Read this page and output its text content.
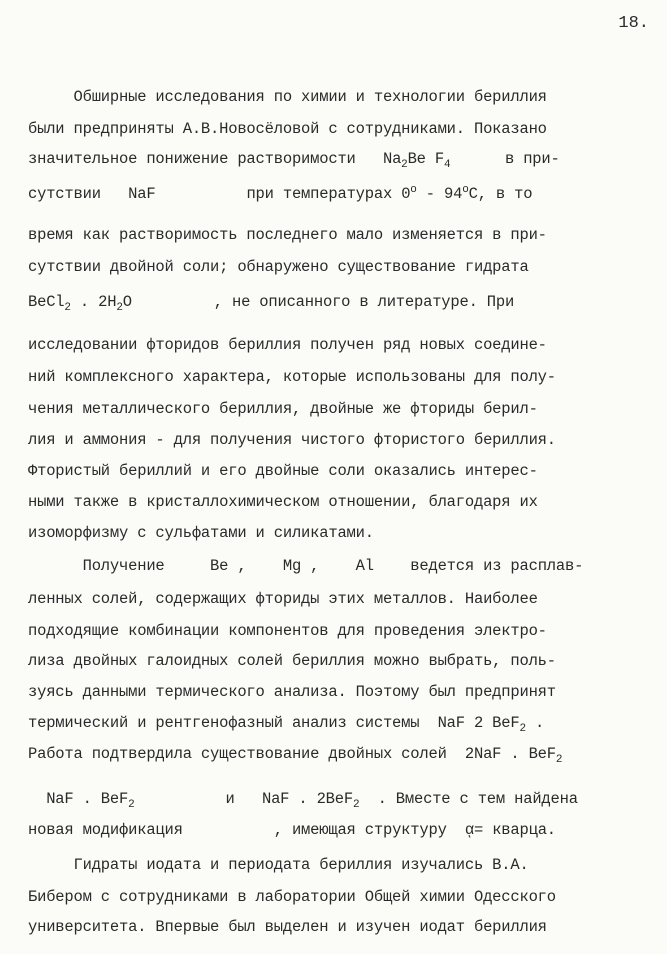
18.
Обширные исследования по химии и технологии бериллия
были предприняты А.В.Новосёловой с сотрудниками. Показано
значительное понижение растворимости $Na_2Be$ $F_4$	в при-
сутствии NaF	при температурах 0$^o$ - 94$^o$C, в то
время как растворимость последнего мало изменяется в при-
сутствии двойной соли; обнаружено существование гидрата
BeCl$_2$ . $2H_2O$	, не описанного в литературе. При
исследовании фторидов бериллия получен ряд новых соедине-
ний комплексного характера, которые использованы для полу-
чения металлического бериллия, двойные же фториды берил-
лия и аммония - для получения чистого фтористого бериллия.
Фтористый бериллий и его двойные соли оказались интерес-
ными также в кристаллохимическом отношении, благодаря их
изоморфизму с сульфатами и силикатами.
Получение	Be , Mg , Al ведется из расплав-
ленных солей, содержащих фториды этих металлов. Наиболее
подходящие комбинации компонентов для проведения электро-
лиза двойных галоидных солей бериллия можно выбрать, поль-
зуясь данными термического анализа. Поэтому был предпринят
термический и рентгенофазный анализ системы NaF 2 BeF$_2$ .
Работа подтвердила существование двойных солей 2NaF . BeF$_2$
NaF . BeF$_2$	и NaF . 2BeF$_2$ . Вместе с тем найдена
новая модификация	, имеющая структуру ᾳ= кварца.
Гидраты иодата и периодата бериллия изучались В.А.
Бибером с сотрудниками в лаборатории Общей химии Одесского
университета. Впервые был выделен и изучен иодат бериллия
